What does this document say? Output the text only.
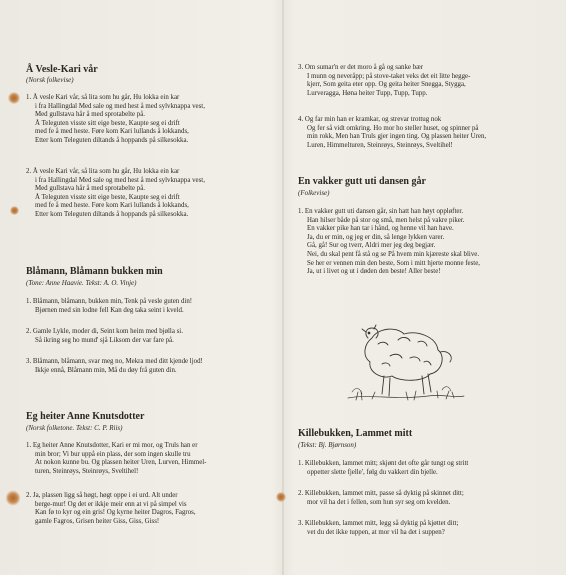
Å Vesle-Kari vår
(Norsk folkevise)
1. Å vesle Kari vår, så lita som hu går, Hu lokka ein kar
i fra Hallingdal Med sale og med hest å med sylvknappa vest,
Med gullstava hår å med sprotabelte på.
Å Teleguten visste sitt eige beste, Kaupte seg ei drift
med fe å med heste. Føre kom Kari lullands å lokkands,
Etter kom Teleguten diltands å hoppands på silkesokka.
2. Å vesle Kari vår, så lita som hu går, Hu lokka ein kar
i fra Hallingdal Med sale og med hest å med sylvknappa vest,
Med gullstava hår å med sprotabelte på.
Å Teleguten visste sitt eige beste, Kaupte seg ei drift
med fe å med heste. Føre kom Kari lullands å lokkands,
Etter kom Teleguten diltands å hoppands på silkesokka.
Blåmann, Blåmann bukken min
(Tone: Anne Haavie. Tekst: A. O. Vinje)
1. Blåmann, blåmann, bukken min, Tenk på vesle guten din!
Bjørnen med sin lodne fell Kan deg taka seint i kveld.
2. Gamle Lykle, moder di, Seint kom heim med bjølla si.
Så ikring seg ho mund' sjå Liksom der var fare på.
3. Blåmann, blåmann, svar meg no, Mekra med ditt kjende ljod!
Ikkje ennå, Blåmann min, Må du døy frå guten din.
Eg heiter Anne Knutsdotter
(Norsk folketone. Tekst: C. P. Riis)
1. Eg heiter Anne Knutsdotter, Kari er mi mor, og Truls han er
min bror; Vi bur uppå ein plass, der som ingen skulle tru
At nokon kunne bu. Og plassen heiter Uren, Lurven, Himmel-
turen, Steinrøys, Steinrøys, Sveltihel!
2. Ja, plassen ligg så høgt, høgt oppe i ei urd. Alt under
berge-mur! Og det er ikkje meir enn at vi på simpel vis
Kan fø to kyr og ein gris! Og kyrne heiter Dagros, Fagros,
gamle Fagros, Grisen heiter Giss, Giss, Giss!
3. Om sumar'n er det moro å gå og sanke bær
I munn og neveråpp; på stove-taket veks det eit litte hegge-
kjerr, Som geita eter opp. Og geita heiter Snegga, Stygga,
Lurveragga, Høna heiter Tupp, Tupp, Tupp.
4. Og far min han er kramkar, og strevar trottug nok
Og fer så vidt omkring. Ho mor ho steller huset, og spinner på
min rokk, Men han Truls gjer ingen ting. Og plassen heiter Uren,
Luren, Himmelturen, Steinrøys, Steinrøys, Sveltihel!
En vakker gutt uti dansen går
(Folkevise)
1. En vakker gutt uti dansen går, sin hatt han høyt oppløfter.
Han hilser både på stor og små, men helst på vakre piker.
En vakker pike han tar i hånd, og henne vil han have.
Ja, du er min, og jeg er din, så lenge lykken varer.
Gå, gå! Sur og tverr, Aldri mer jeg deg begjær.
Nei, du skal pent få stå og se På hvem min kjæreste skal blive.
Se her er vennen min den beste, Som i mitt hjerte monne feste,
Ja, ut i livet og ut i døden den beste! Aller beste!
Killebukken, Lammet mitt
(Tekst: Bj. Bjørnson)
1. Killebukken, lammet mitt; skjønt det ofte går tungt og stritt
oppetter slette fjelle', følg du vakkert din bjelle.
2. Killebukken, lammet mitt, passe så dyktig på skinnet ditt;
mor vil ha det i fellen, som hun syr seg om kvelden.
3. Killebukken, lammet mitt, legg så dyktig på kjøttet ditt;
vet du det ikke tuppen, at mor vil ha det i suppen?
